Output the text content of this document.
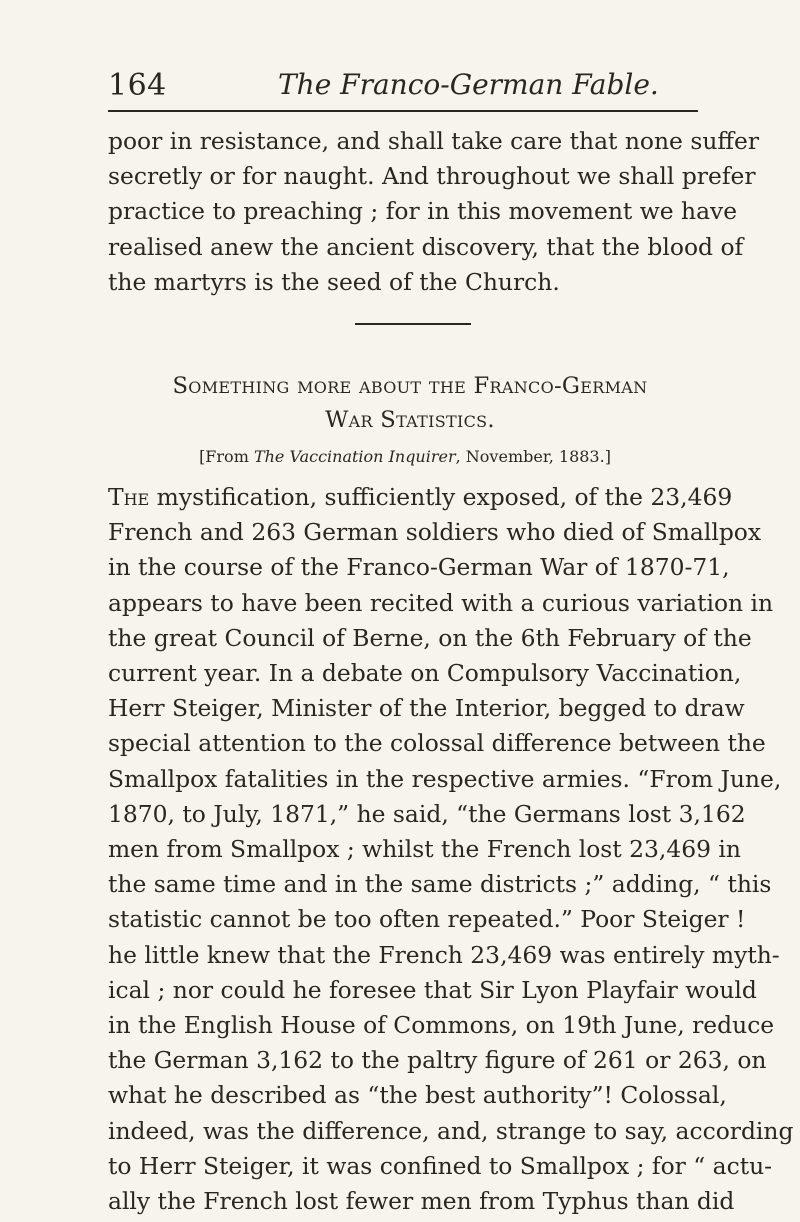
164	The Franco-German Fable.
poor in resistance, and shall take care that none suffer
secretly or for naught. And throughout we shall prefer
practice to preaching ; for in this movement we have
realised anew the ancient discovery, that the blood of
the martyrs is the seed of the Church.
Something more about the Franco-German
War Statistics.
[From The Vaccination Inquirer, November, 1883.]
The mystification, sufficiently exposed, of the 23,469
French and 263 German soldiers who died of Smallpox
in the course of the Franco-German War of 1870-71,
appears to have been recited with a curious variation in
the great Council of Berne, on the 6th February of the
current year. In a debate on Compulsory Vaccination,
Herr Steiger, Minister of the Interior, begged to draw
special attention to the colossal difference between the
Smallpox fatalities in the respective armies. “From June,
1870, to July, 1871,” he said, “the Germans lost 3,162
men from Smallpox ; whilst the French lost 23,469 in
the same time and in the same districts ;” adding, “ this
statistic cannot be too often repeated.” Poor Steiger !
he little knew that the French 23,469 was entirely myth-
ical ; nor could he foresee that Sir Lyon Playfair would
in the English House of Commons, on 19th June, reduce
the German 3,162 to the paltry figure of 261 or 263, on
what he described as “the best authority”! Colossal,
indeed, was the difference, and, strange to say, according
to Herr Steiger, it was confined to Smallpox ; for “ actu-
ally the French lost fewer men from Typhus than did
